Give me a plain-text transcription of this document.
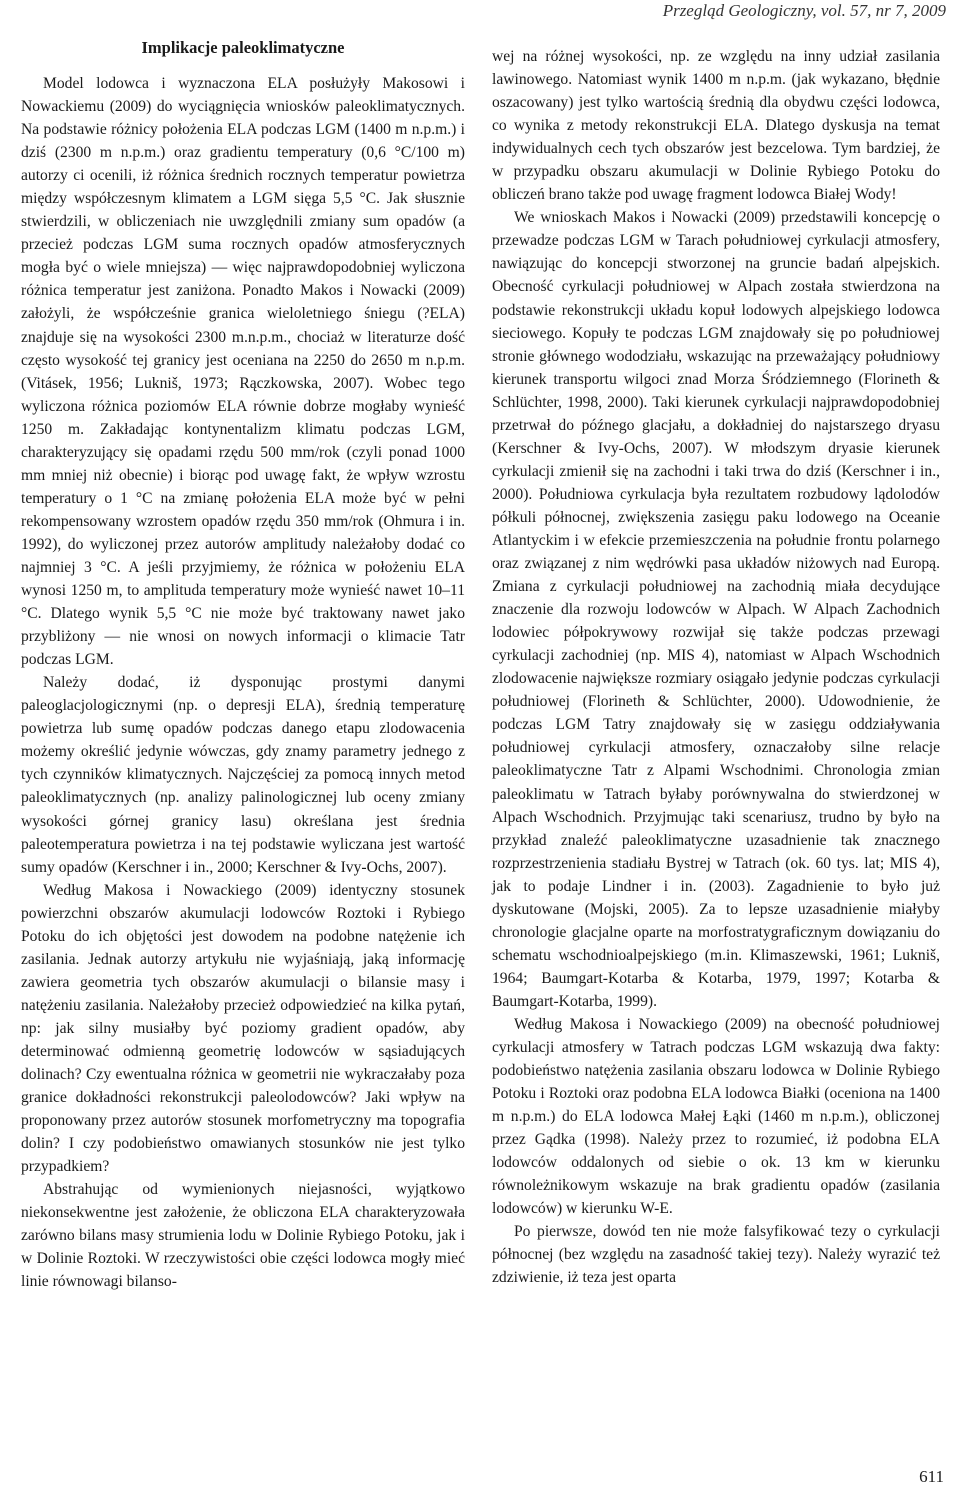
Przegląd Geologiczny, vol. 57, nr 7, 2009
Implikacje paleoklimatyczne

Model lodowca i wyznaczona ELA posłużyły Makosowi i Nowackiemu (2009) do wyciągnięcia wniosków paleoklimatycznych. Na podstawie różnicy położenia ELA podczas LGM (1400 m n.p.m.) i dziś (2300 m n.p.m.) oraz gradientu temperatury (0,6 °C/100 m) autorzy ci ocenili, iż różnica średnich rocznych temperatur powietrza między współczesnym klimatem a LGM sięga 5,5 °C. Jak słusznie stwierdzili, w obliczeniach nie uwzględnili zmiany sum opadów (a przecież podczas LGM suma rocznych opadów atmosferycznych mogła być o wiele mniejsza) — więc najprawdopodobniej wyliczona różnica temperatur jest zaniżona. Ponadto Makos i Nowacki (2009) założyli, że współcześnie granica wieloletniego śniegu (?ELA) znajduje się na wysokości 2300 m.n.p.m., chociaż w literaturze dość często wysokość tej granicy jest oceniana na 2250 do 2650 m n.p.m. (Vitásek, 1956; Lukniš, 1973; Rączkowska, 2007). Wobec tego wyliczona różnica poziomów ELA równie dobrze mogłaby wynieść 1250 m. Zakładając kontynentalizm klimatu podczas LGM, charakteryzujący się opadami rzędu 500 mm/rok (czyli ponad 1000 mm mniej niż obecnie) i biorąc pod uwagę fakt, że wpływ wzrostu temperatury o 1 °C na zmianę położenia ELA może być w pełni rekompensowany wzrostem opadów rzędu 350 mm/rok (Ohmura i in. 1992), do wyliczonej przez autorów amplitudy należałoby dodać co najmniej 3 °C. A jeśli przyjmiemy, że różnica w położeniu ELA wynosi 1250 m, to amplituda temperatury może wynieść nawet 10–11 °C. Dlatego wynik 5,5 °C nie może być traktowany nawet jako przybliżony — nie wnosi on nowych informacji o klimacie Tatr podczas LGM.

Należy dodać, iż dysponując prostymi danymi paleoglacjologicznymi (np. o depresji ELA), średnią temperaturę powietrza lub sumę opadów podczas danego etapu zlodowacenia możemy określić jedynie wówczas, gdy znamy parametry jednego z tych czynników klimatycznych. Najczęściej za pomocą innych metod paleoklimatycznych (np. analizy palinologicznej lub oceny zmiany wysokości górnej granicy lasu) określana jest średnia paleotemperatura powietrza i na tej podstawie wyliczana jest wartość sumy opadów (Kerschner i in., 2000; Kerschner & Ivy-Ochs, 2007).

Według Makosa i Nowackiego (2009) identyczny stosunek powierzchni obszarów akumulacji lodowców Roztoki i Rybiego Potoku do ich objętości jest dowodem na podobne natężenie ich zasilania. Jednak autorzy artykułu nie wyjaśniają, jaką informację zawiera geometria tych obszarów akumulacji o bilansie masy i natężeniu zasilania. Należałoby przecież odpowiedzieć na kilka pytań, np: jak silny musiałby być poziomy gradient opadów, aby determinować odmienną geometrię lodowców w sąsiadujących dolinach? Czy ewentualna różnica w geometrii nie wykraczałaby poza granice dokładności rekonstrukcji paleolodowców? Jaki wpływ na proponowany przez autorów stosunek morfometryczny ma topografia dolin? I czy podobieństwo omawianych stosunków nie jest tylko przypadkiem?

Abstrahując od wymienionych niejasności, wyjątkowo niekonsekwentne jest założenie, że obliczona ELA charakteryzowała zarówno bilans masy strumienia lodu w Dolinie Rybiego Potoku, jak i w Dolinie Roztoki. W rzeczywistości obie części lodowca mogły mieć linie równowagi bilanso-

wej na różnej wysokości, np. ze względu na inny udział zasilania lawinowego. Natomiast wynik 1400 m n.p.m. (jak wykazano, błędnie oszacowany) jest tylko wartością średnią dla obydwu części lodowca, co wynika z metody rekonstrukcji ELA. Dlatego dyskusja na temat indywidualnych cech tych obszarów jest bezcelowa. Tym bardziej, że w przypadku obszaru akumulacji w Dolinie Rybiego Potoku do obliczeń brano także pod uwagę fragment lodowca Białej Wody!

We wnioskach Makos i Nowacki (2009) przedstawili koncepcję o przewadze podczas LGM w Tarach południowej cyrkulacji atmosfery, nawiązując do koncepcji stworzonej na gruncie badań alpejskich. Obecność cyrkulacji południowej w Alpach została stwierdzona na podstawie rekonstrukcji układu kopuł lodowych alpejskiego lodowca sieciowego. Kopuły te podczas LGM znajdowały się po południowej stronie głównego wododziału, wskazując na przeważający południowy kierunek transportu wilgoci znad Morza Śródziemnego (Florineth & Schlüchter, 1998, 2000). Taki kierunek cyrkulacji najprawdopodobniej przetrwał do późnego glacjału, a dokładniej do najstarszego dryasu (Kerschner & Ivy-Ochs, 2007). W młodszym dryasie kierunek cyrkulacji zmienił się na zachodni i taki trwa do dziś (Kerschner i in., 2000). Południowa cyrkulacja była rezultatem rozbudowy lądolodów półkuli północnej, zwiększenia zasięgu paku lodowego na Oceanie Atlantyckim i w efekcie przemieszczenia na południe frontu polarnego oraz związanej z nim wędrówki pasa układów niżowych nad Europą. Zmiana z cyrkulacji południowej na zachodnią miała decydujące znaczenie dla rozwoju lodowców w Alpach. W Alpach Zachodnich lodowiec półpokrywowy rozwijał się także podczas przewagi cyrkulacji zachodniej (np. MIS 4), natomiast w Alpach Wschodnich zlodowacenie największe rozmiary osiągało jedynie podczas cyrkulacji południowej (Florineth & Schlüchter, 2000). Udowodnienie, że podczas LGM Tatry znajdowały się w zasięgu oddziaływania południowej cyrkulacji atmosfery, oznaczałoby silne relacje paleoklimatyczne Tatr z Alpami Wschodnimi. Chronologia zmian paleoklimatu w Tatrach byłaby porównywalna do stwierdzonej w Alpach Wschodnich. Przyjmując taki scenariusz, trudno by było na przykład znaleźć paleoklimatyczne uzasadnienie tak znacznego rozprzestrzenienia stadiału Bystrej w Tatrach (ok. 60 tys. lat; MIS 4), jak to podaje Lindner i in. (2003). Zagadnienie to było już dyskutowane (Mojski, 2005). Za to lepsze uzasadnienie miałyby chronologie glacjalne oparte na morfostratygraficznym dowiązaniu do schematu wschodnioalpejskiego (m.in. Klimaszewski, 1961; Lukniš, 1964; Baumgart-Kotarba & Kotarba, 1979, 1997; Kotarba & Baumgart-Kotarba, 1999).

Według Makosa i Nowackiego (2009) na obecność południowej cyrkulacji atmosfery w Tatrach podczas LGM wskazują dwa fakty: podobieństwo natężenia zasilania obszaru lodowca w Dolinie Rybiego Potoku i Roztoki oraz podobna ELA lodowca Białki (oceniona na 1400 m n.p.m.) do ELA lodowca Małej Łąki (1460 m n.p.m.), obliczonej przez Gądka (1998). Należy przez to rozumieć, iż podobna ELA lodowców oddalonych od siebie o ok. 13 km w kierunku równoleżnikowym wskazuje na brak gradientu opadów (zasilania lodowców) w kierunku W-E.

Po pierwsze, dowód ten nie może falsyfikować tezy o cyrkulacji północnej (bez względu na zasadność takiej tezy). Należy wyrazić też zdziwienie, iż teza jest oparta

611
